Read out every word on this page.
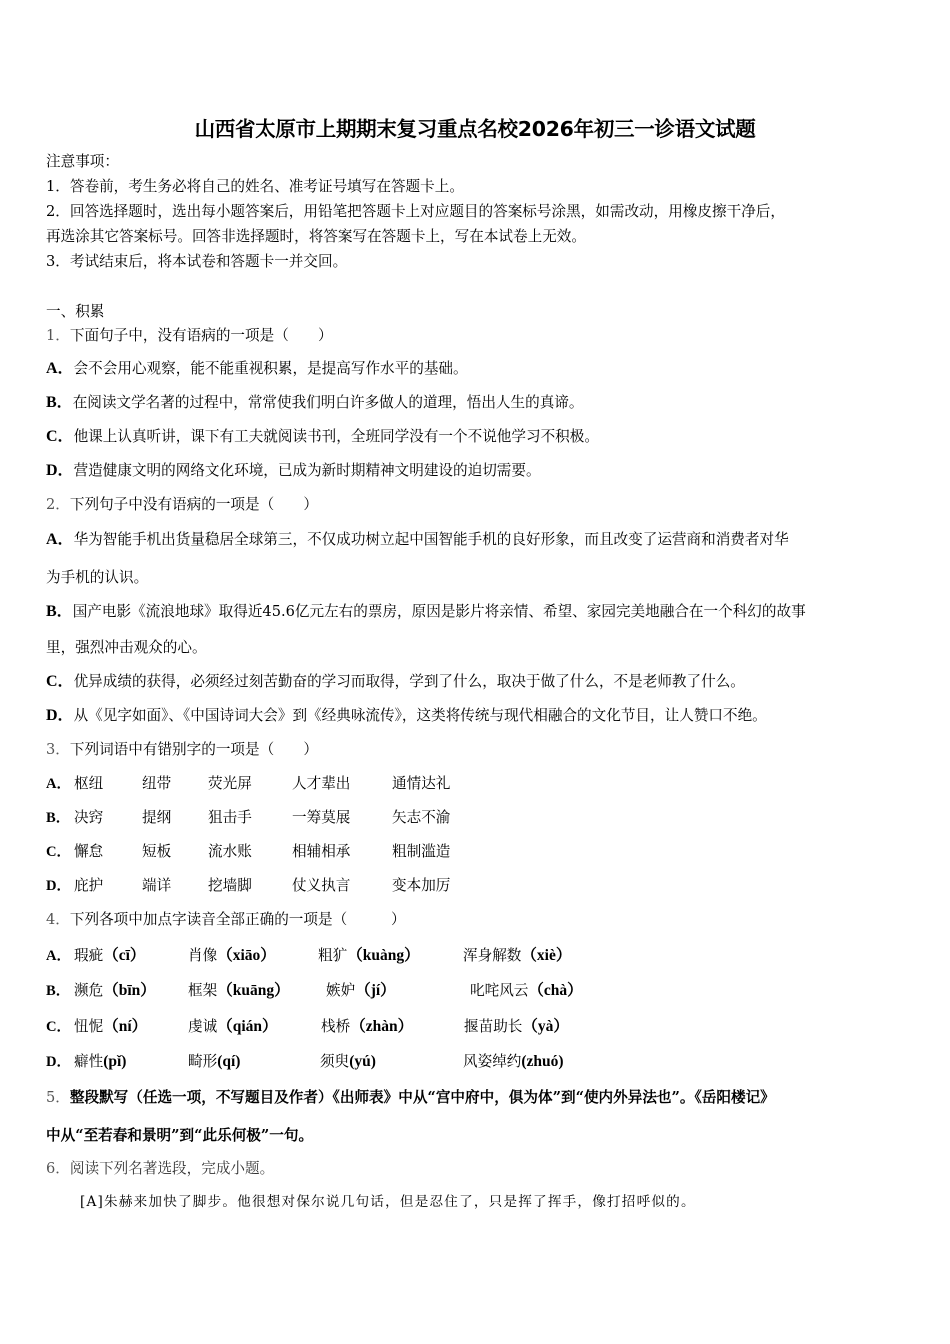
山西省太原市上期期末复习重点名校2026年初三一诊语文试题
注意事项：
1．答卷前，考生务必将自己的姓名、准考证号填写在答题卡上。
2．回答选择题时，选出每小题答案后，用铅笔把答题卡上对应题目的答案标号涂黑，如需改动，用橡皮擦干净后，
再选涂其它答案标号。回答非选择题时，将答案写在答题卡上，写在本试卷上无效。
3．考试结束后，将本试卷和答题卡一并交回。
一、积累
1．下面句子中，没有语病的一项是（　　）
A．会不会用心观察，能不能重视积累，是提高写作水平的基础。
B．在阅读文学名著的过程中，常常使我们明白许多做人的道理，悟出人生的真谛。
C．他课上认真听讲，课下有工夫就阅读书刊，全班同学没有一个不说他学习不积极。
D．营造健康文明的网络文化环境，已成为新时期精神文明建设的迫切需要。
2．下列句子中没有语病的一项是（　　）
A．华为智能手机出货量稳居全球第三，不仅成功树立起中国智能手机的良好形象，而且改变了运营商和消费者对华
为手机的认识。
B．国产电影《流浪地球》取得近45.6亿元左右的票房，原因是影片将亲情、希望、家园完美地融合在一个科幻的故事
里，强烈冲击观众的心。
C．优异成绩的获得，必须经过刻苦勤奋的学习而取得，学到了什么，取决于做了什么，不是老师教了什么。
D．从《见字如面》、《中国诗词大会》到《经典咏流传》，这类将传统与现代相融合的文化节目，让人赞口不绝。
3．下列词语中有错别字的一项是（　　）
A． 枢纽	纽带	荧光屏	人才辈出	通情达礼
B． 决窍	提纲	狙击手	一筹莫展	矢志不渝
C． 懈怠	短板	流水账	相辅相承	粗制滥造
D． 庇护	端详	挖墙脚	仗义执言	变本加厉
4．下列各项中加点字读音全部正确的一项是（　　　）
A． 瑕疵（cī）	肖像（xiāo）	粗犷（kuàng）	浑身解数（xiè）
B． 濒危（bīn） 框架（kuāng） 嫉妒（jí）	叱咤风云（chà）
C． 忸怩（ní）	虔诚（qián）	栈桥（zhàn）	揠苗助长（yà）
D． 癖性(pǐ)	畸形(qí)	须臾(yú)	风姿绰约(zhuó)
5．整段默写（任选一项，不写题目及作者）《出师表》中从“宫中府中，俱为体”到“使内外异法也”。《岳阳楼记》
中从“至若春和景明”到“此乐何极”一句。
6．阅读下列名著选段，完成小题。
[A]朱赫来加快了脚步。他很想对保尔说几句话，但是忍住了，只是挥了挥手，像打招呼似的。
